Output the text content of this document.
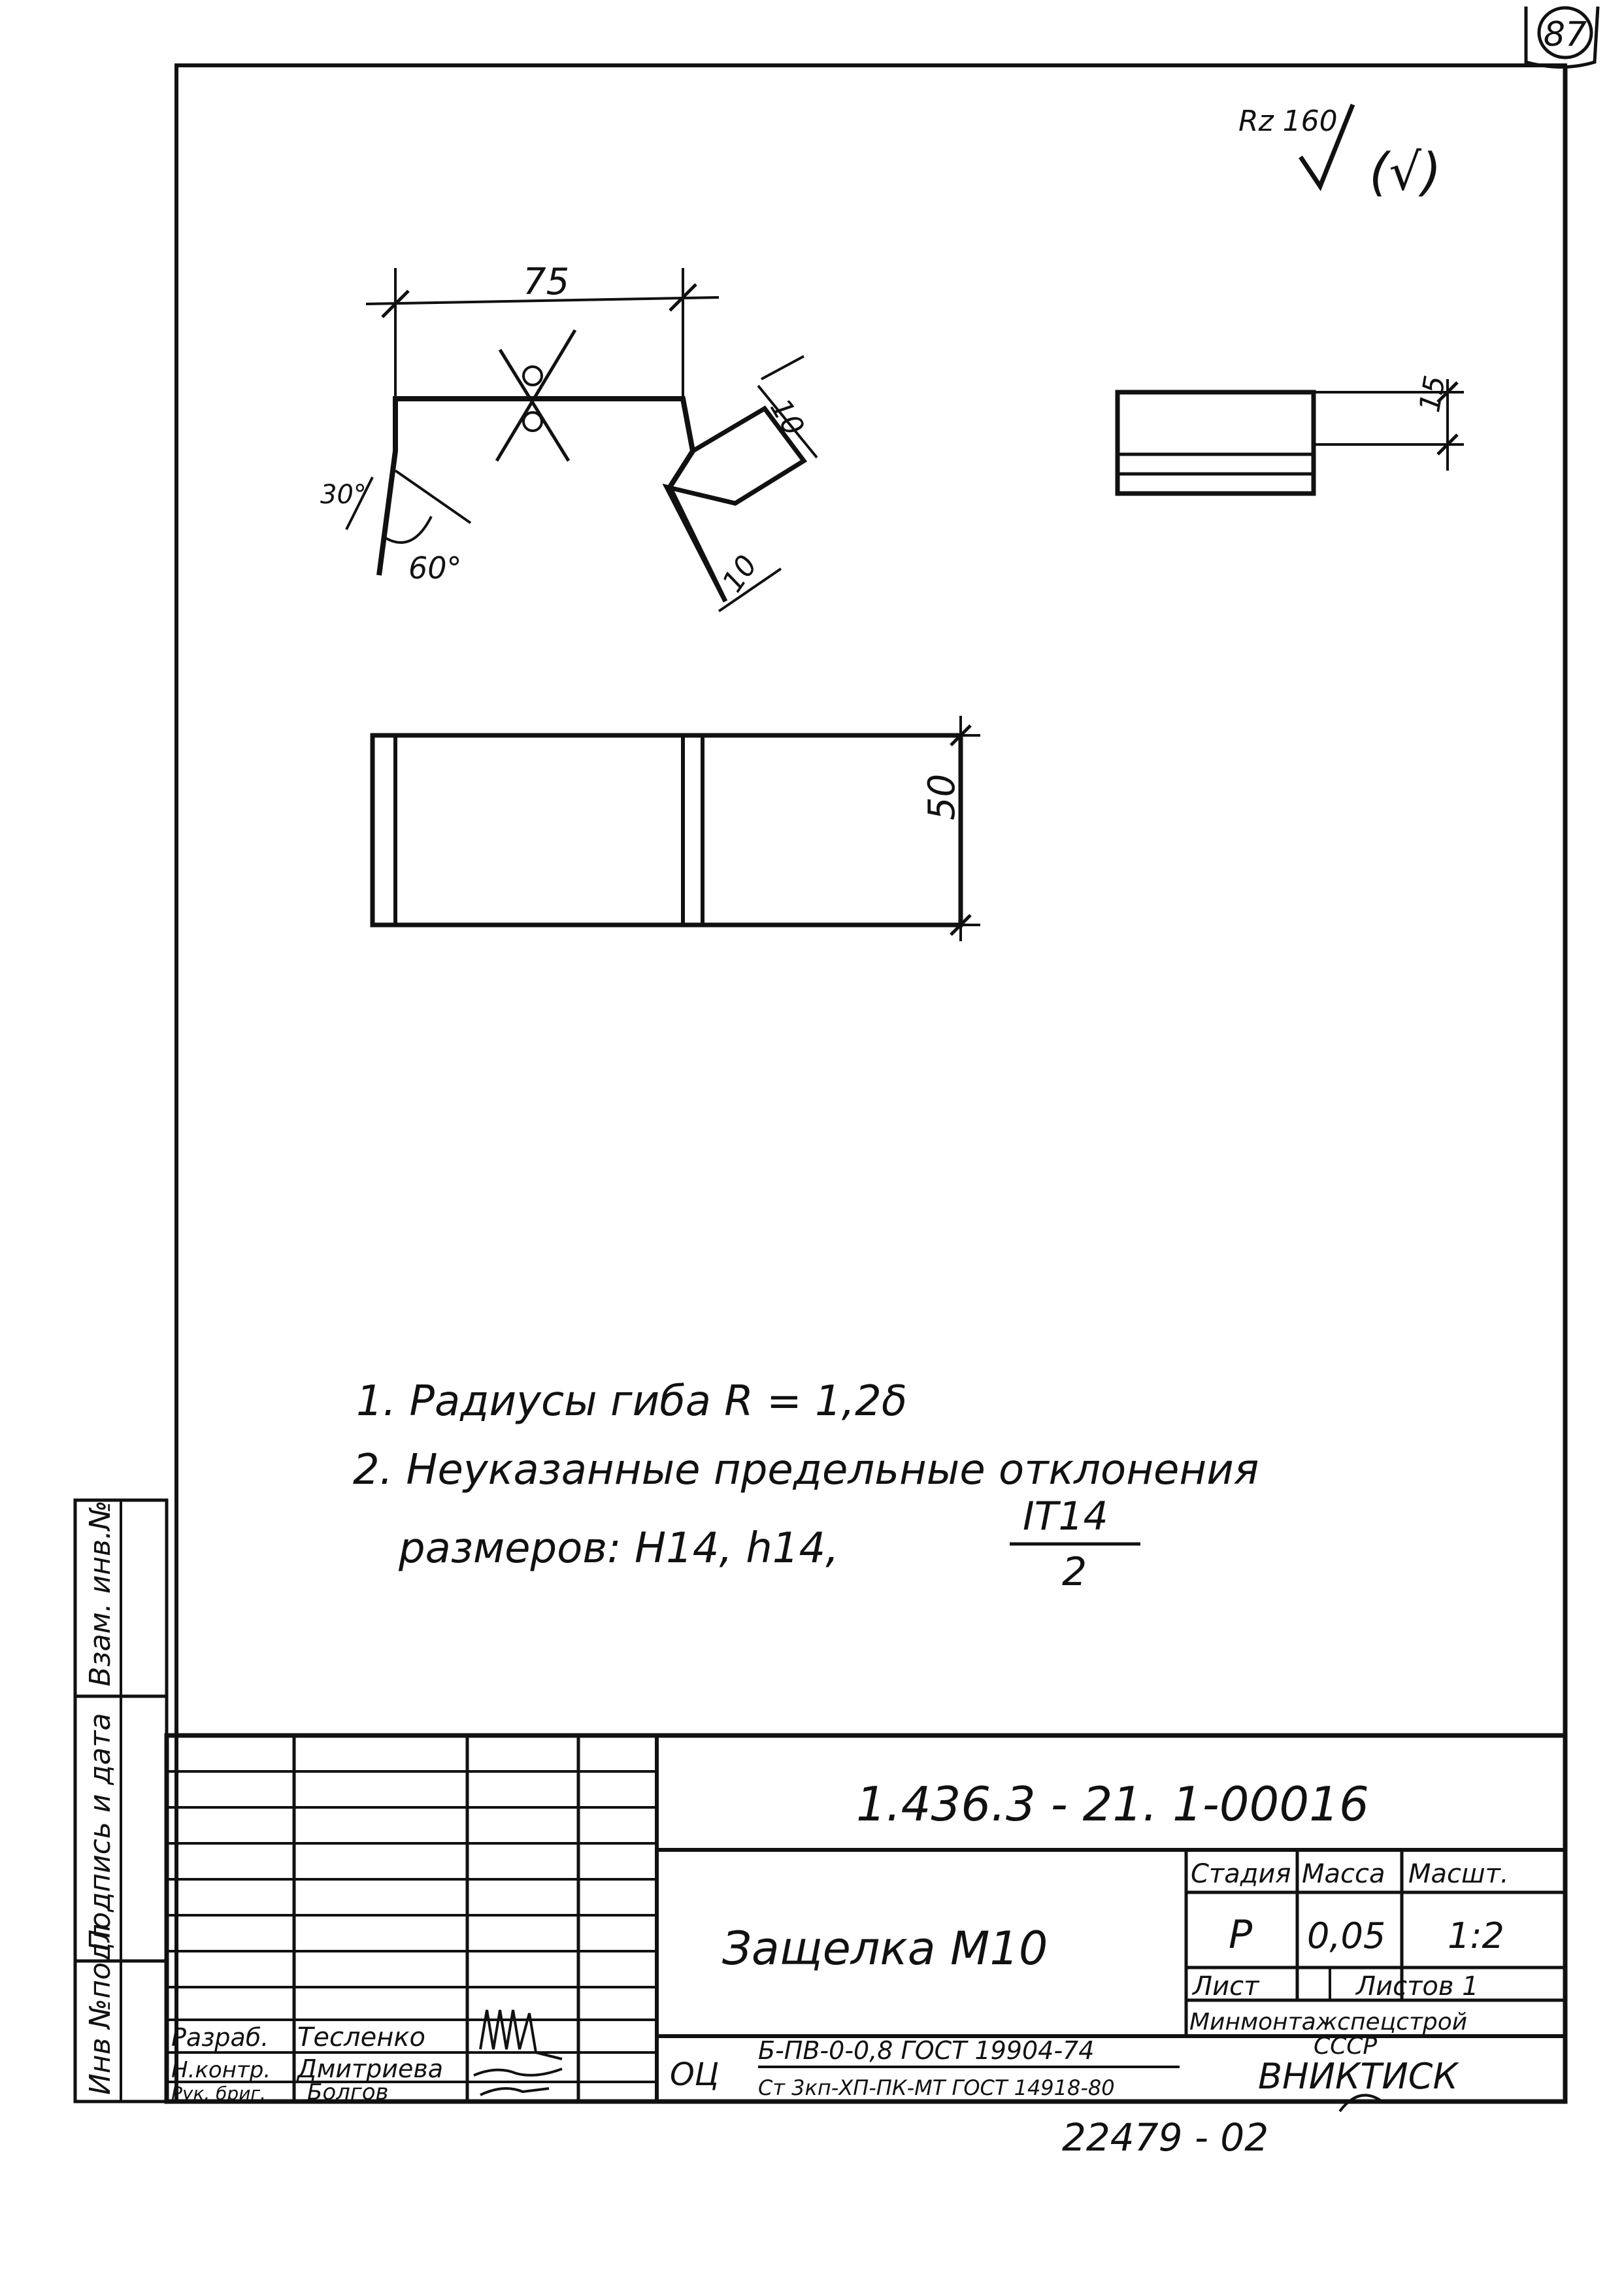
87
Rz 160
(√)
75
10
10
30°
60°
15
50
1. Радиусы гиба R = 1,2δ
2. Неуказанные предельные отклонения
размеров: H14, h14,
IT14
2
Инв №подл
Подпись и дата
Взам. инв.№
1.436.3 - 21. 1-00016
Защелка М10
Стадия Масса Масшт.
Р 0,05 1:2
Лист	Листов 1
Минмонтажспецстрой
СССР
ВНИКТИСК
ОЦ
Б-ПВ-0-0,8 ГОСТ 19904-74
Ст 3кп-ХП-ПК-МТ ГОСТ 14918-80
Разраб. Тесленко
Н.контр. Дмитриева
Рук. бриг. Болгов
22479 - 02
